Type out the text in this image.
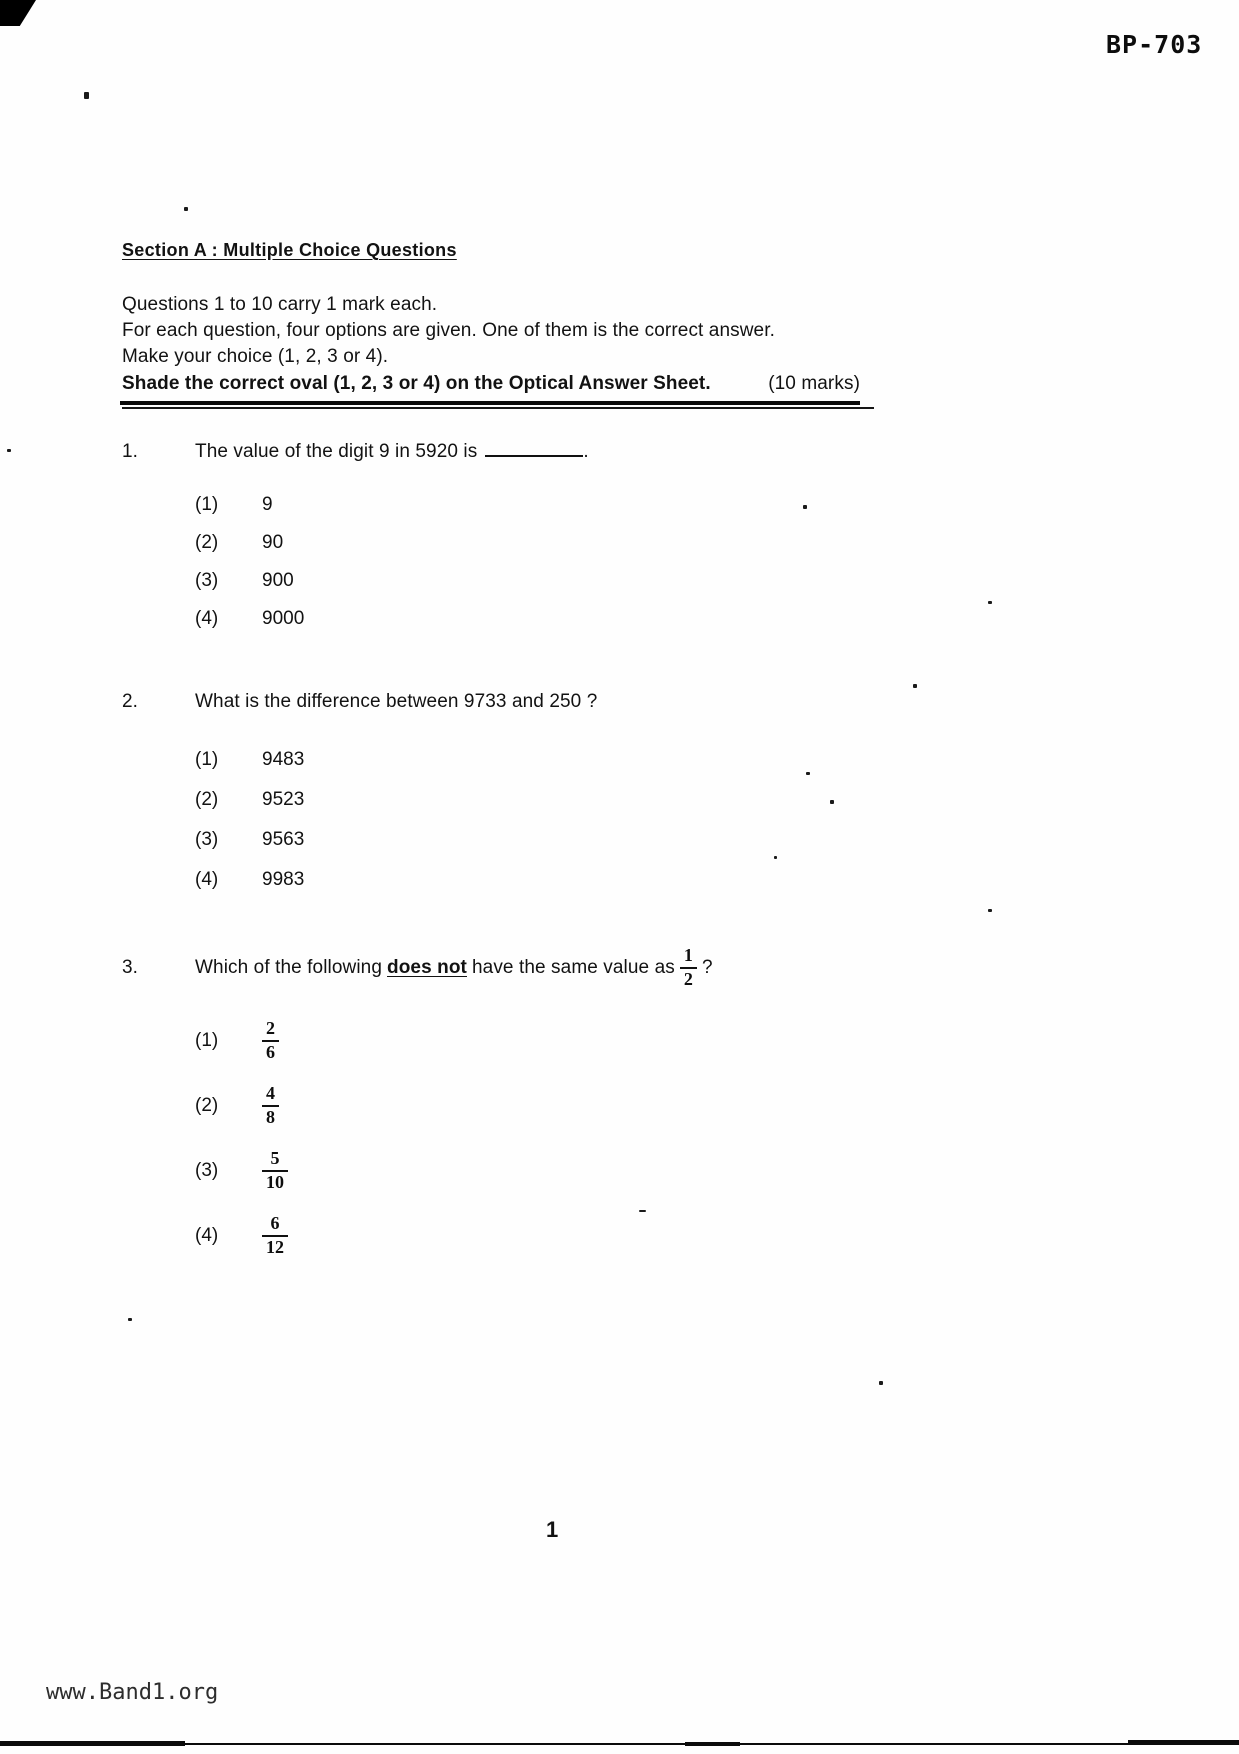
BP-703
Section A : Multiple Choice Questions
Questions 1 to 10 carry 1 mark each.
For each question, four options are given. One of them is the correct answer.
Make your choice (1, 2, 3 or 4).
Shade the correct oval (1, 2, 3 or 4) on the Optical Answer Sheet.	(10 marks)
1.	The value of the digit 9 in 5920 is	.
(1)	9
(2)	90
(3)	900
(4)	9000
2.	What is the difference between 9733 and 250 ?
(1)	9483
(2)	9523
(3)	9563
(4)	9983
3.	Which of the following does not have the same value as $\frac{1}{2}$ ?
(1)	$\frac{2}{6}$
(2)	$\frac{4}{8}$
(3)	$\frac{5}{10}$
(4)	$\frac{6}{12}$
1
www.Band1.org
